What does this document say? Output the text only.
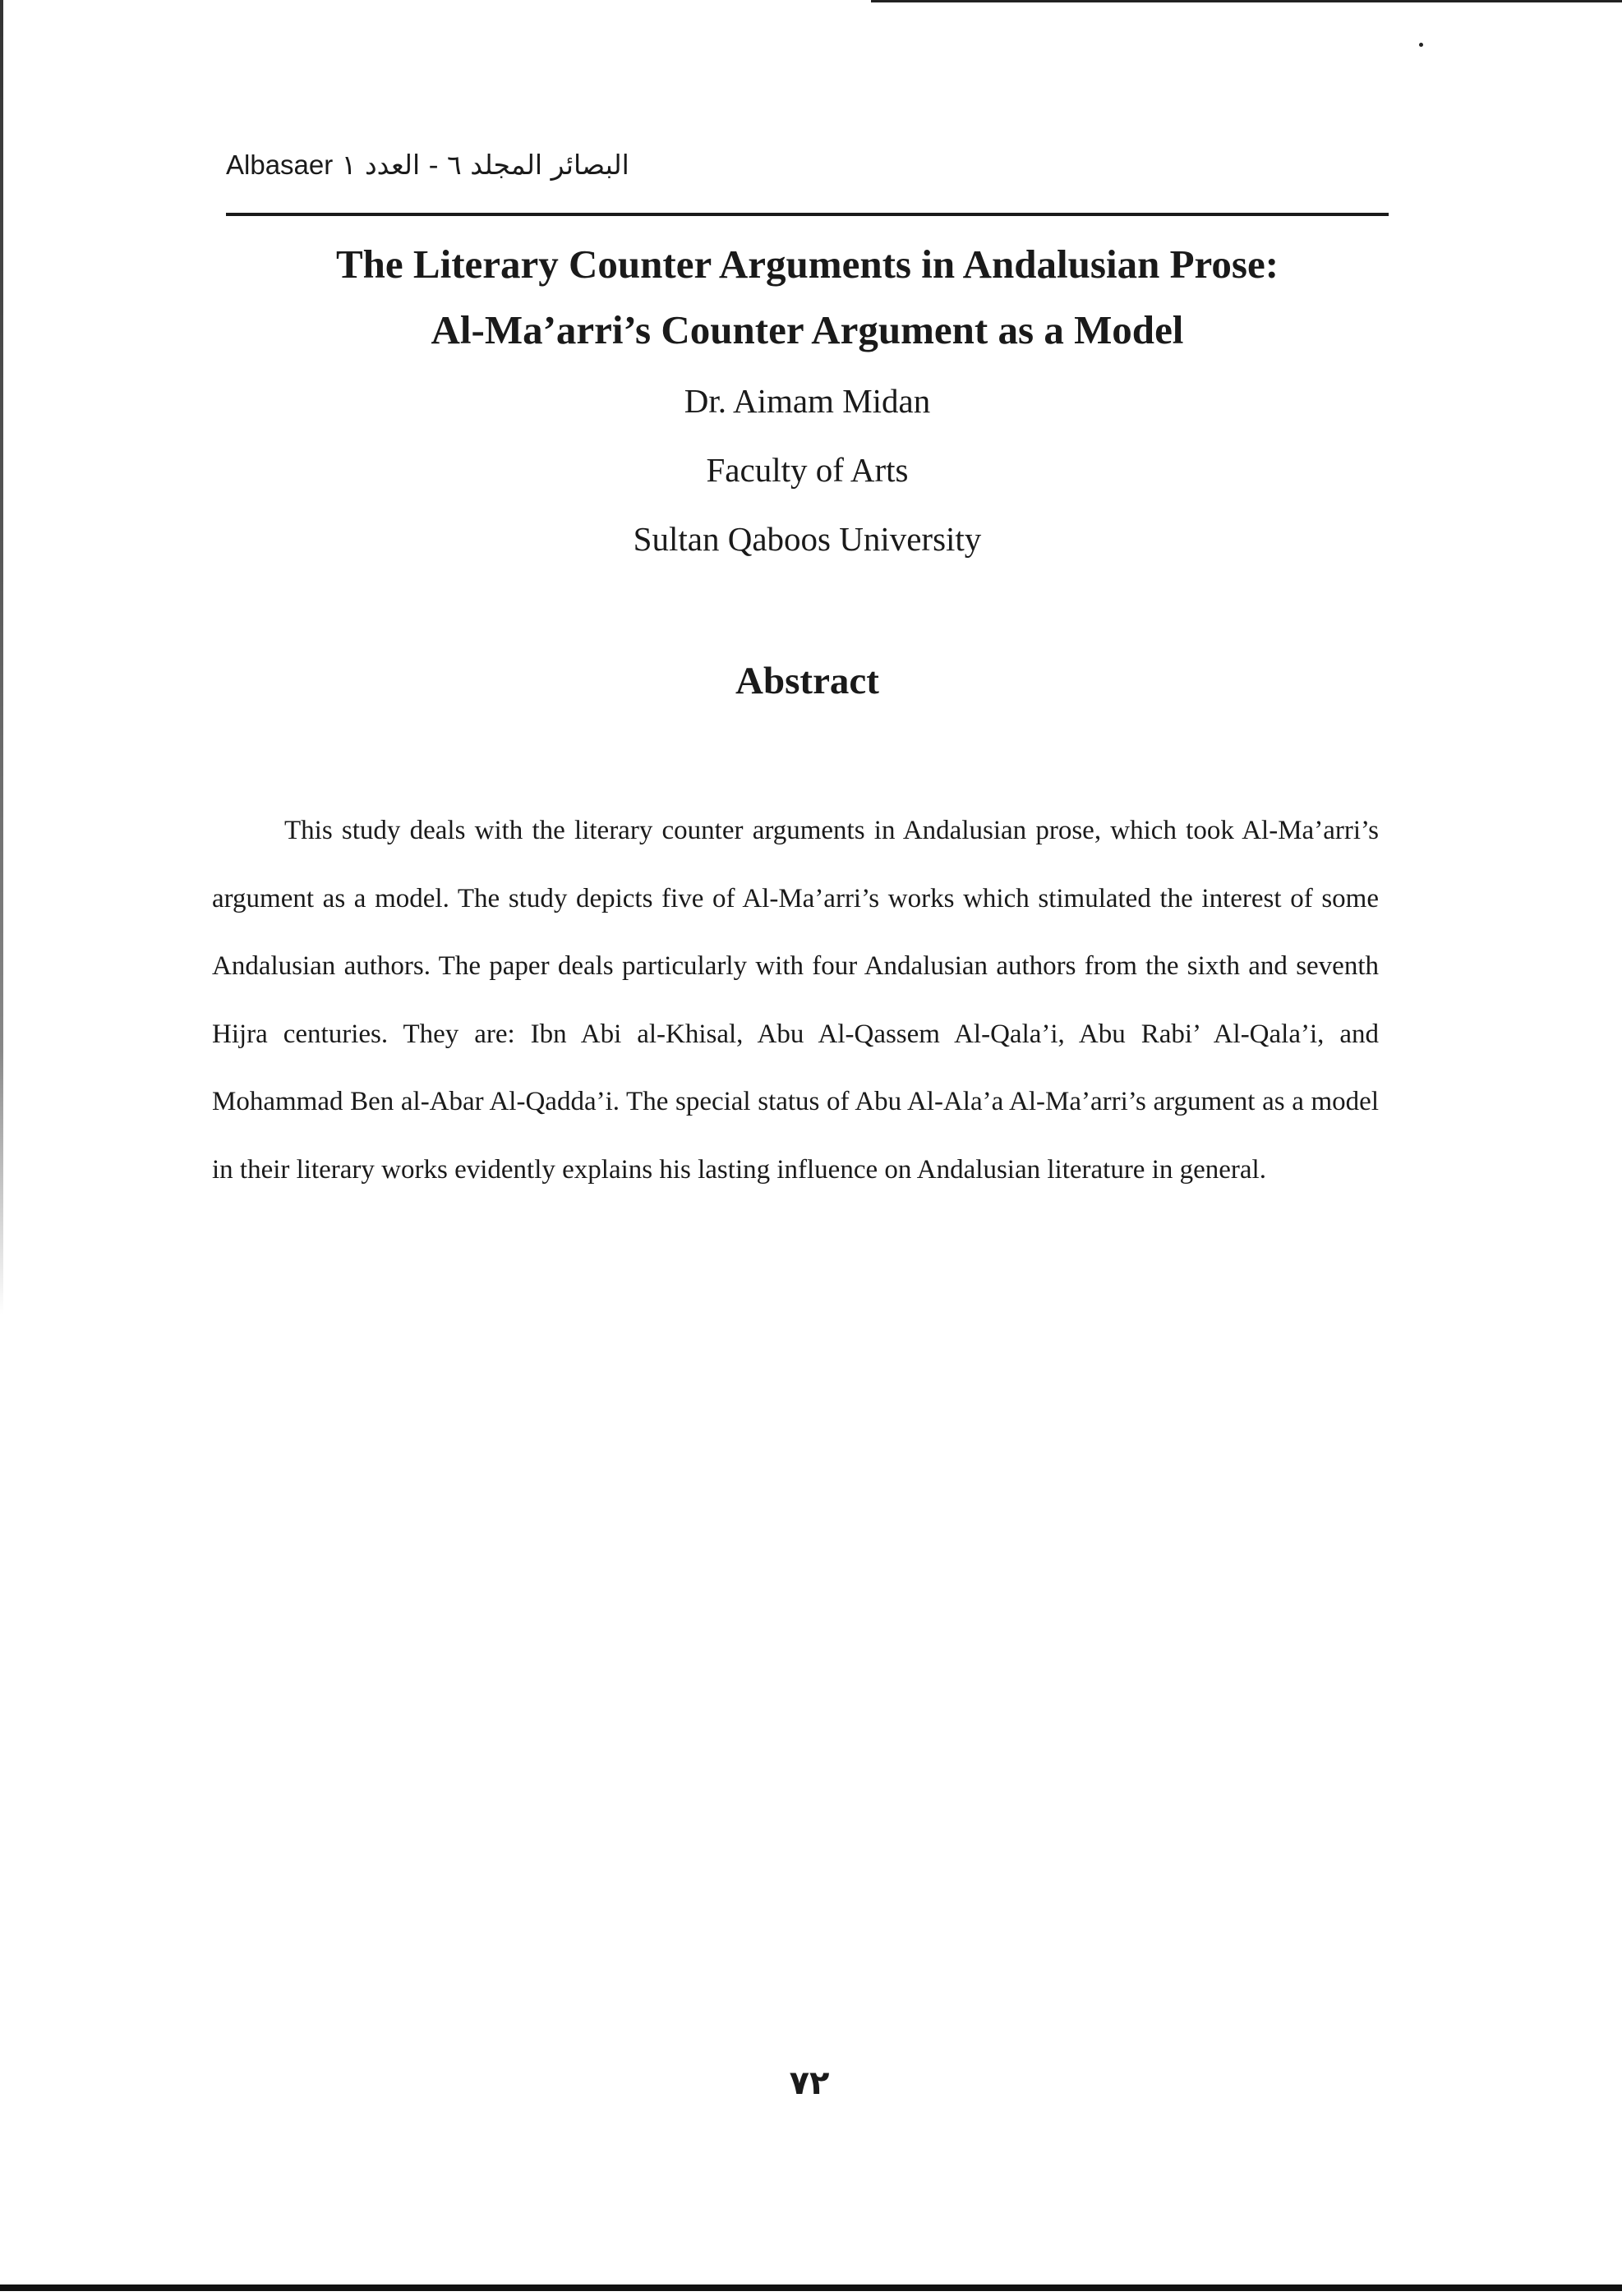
Albasaer البصائر المجلد ٦ - العدد ١

The Literary Counter Arguments in Andalusian Prose:

Al-Ma’arri’s Counter Argument as a Model

Dr. Aimam Midan

Faculty of Arts

Sultan Qaboos University

Abstract

This study deals with the literary counter arguments in Andalusian prose, which took Al-Ma’arri’s argument as a model. The study depicts five of Al-Ma’arri’s works which stimulated the interest of some Andalusian authors. The paper deals particularly with four Andalusian authors from the sixth and seventh Hijra centuries. They are: Ibn Abi al-Khisal, Abu Al-Qassem Al-Qala’i, Abu Rabi’ Al-Qala’i, and Mohammad Ben al-Abar Al-Qadda’i. The special status of Abu Al-Ala’a Al-Ma’arri’s argument as a model in their literary works evidently explains his lasting influence on Andalusian literature in general.

٧٢
